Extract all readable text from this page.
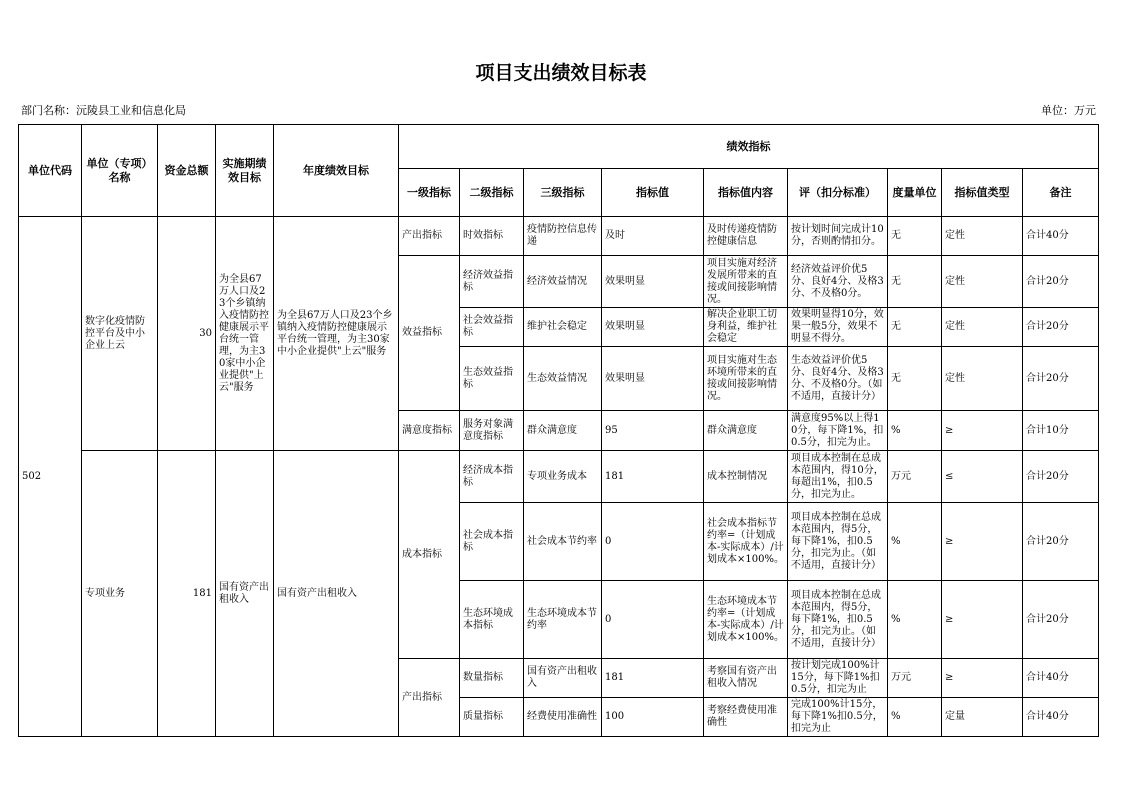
项目支出绩效目标表
部门名称：沅陵县工业和信息化局	单位：万元
单位代码	单位（专项）名称	资金总额	实施期绩效目标	年度绩效目标	绩效指标								
					一级指标	二级指标	三级指标	指标值	指标值内容	评（扣分标准）	度量单位	指标值类型	备注
502	数字化疫情防控平台及中小企业上云	30	为全县67万人口及23个乡镇纳入疫情防控健康展示平台统一管理，为主30家中小企业提供"上云"服务	为全县67万人口及23个乡镇纳入疫情防控健康展示平台统一管理，为主30家中小企业提供"上云"服务	产出指标	时效指标	疫情防控信息传递	及时	及时传递疫情防控健康信息	按计划时间完成计10分，否则酌情扣分。	无	定性	合计40分
					效益指标	经济效益指标	经济效益情况	效果明显	项目实施对经济发展所带来的直接或间接影响情况。	经济效益评价优5分、良好4分、及格3分、不及格0分。	无	定性	合计20分
						社会效益指标	维护社会稳定	效果明显	解决企业职工切身利益，维护社会稳定	效果明显得10分，效果一般5分，效果不明显不得分。	无	定性	合计20分
						生态效益指标	生态效益情况	效果明显	项目实施对生态环境所带来的直接或间接影响情况。	生态效益评价优5分、良好4分、及格3分、不及格0分。（如不适用，直接计分）	无	定性	合计20分
					满意度指标	服务对象满意度指标	群众满意度	95	群众满意度	满意度95%以上得10分，每下降1%，扣0.5分，扣完为止。	%	≥	合计10分
	专项业务	181	国有资产出租收入	国有资产出租收入	成本指标	经济成本指标	专项业务成本	181	成本控制情况	项目成本控制在总成本范围内，得10分，每超出1%，扣0.5分，扣完为止。	万元	≤	合计20分
						社会成本指标	社会成本节约率	0	社会成本指标节约率=（计划成本-实际成本）/计划成本×100%。	项目成本控制在总成本范围内，得5分，每下降1%，扣0.5分，扣完为止。（如不适用，直接计分）	%	≥	合计20分
						生态环境成本指标	生态环境成本节约率	0	生态环境成本节约率=（计划成本-实际成本）/计划成本×100%。	项目成本控制在总成本范围内，得5分，每下降1%，扣0.5分，扣完为止。（如不适用，直接计分）	%	≥	合计20分
					产出指标	数量指标	国有资产出租收入	181	考察国有资产出租收入情况	按计划完成100%计15分，每下降1%扣0.5分，扣完为止	万元	≥	合计40分
						质量指标	经费使用准确性	100	考察经费使用准确性	完成100%计15分，每下降1%扣0.5分，扣完为止	%	定量	合计40分
